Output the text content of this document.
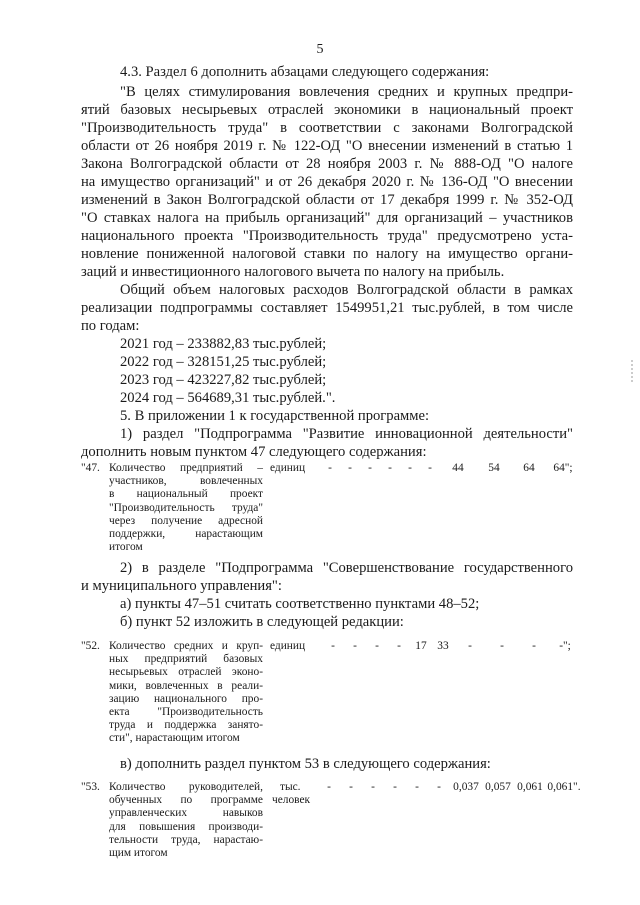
5
4.3. Раздел 6 дополнить абзацами следующего содержания:
"В целях стимулирования вовлечения средних и крупных предпри-
ятий базовых несырьевых отраслей экономики в национальный проект
"Производительность труда" в соответствии с законами Волгоградской
области от 26 ноября 2019 г. № 122-ОД "О внесении изменений в статью 1
Закона Волгоградской области от 28 ноября 2003 г. № 888-ОД "О налоге
на имущество организаций" и от 26 декабря 2020 г. № 136-ОД "О внесении
изменений в Закон Волгоградской области от 17 декабря 1999 г. № 352-ОД
"О ставках налога на прибыль организаций" для организаций – участников
национального проекта "Производительность труда" предусмотрено уста-
новление пониженной налоговой ставки по налогу на имущество органи-
заций и инвестиционного налогового вычета по налогу на прибыль.
Общий объем налоговых расходов Волгоградской области в рамках
реализации подпрограммы составляет 1549951,21 тыс.рублей, в том числе
по годам:
2021 год – 233882,83 тыс.рублей;
2022 год – 328151,25 тыс.рублей;
2023 год – 423227,82 тыс.рублей;
2024 год – 564689,31 тыс.рублей.".
5. В приложении 1 к государственной программе:
1) раздел "Подпрограмма "Развитие инновационной деятельности"
дополнить новым пунктом 47 следующего содержания:
"47. Количество предприятий –
участников, вовлеченных
в национальный проект
"Производительность труда"
через получение адресной
поддержки, нарастающим
итогом
единиц	-	-	-	-	-	-	44	54	64	64";
2) в разделе "Подпрограмма "Совершенствование государственного
и муниципального управления":
а) пункты 47–51 считать соответственно пунктами 48–52;
б) пункт 52 изложить в следующей редакции:
"52. Количество средних и круп-
ных предприятий базовых
несырьевых отраслей эконо-
мики, вовлеченных в реали-
зацию национального про-
екта "Производительность
труда и поддержка занято-
сти", нарастающим итогом
единиц	-	-	-	-	17 33	-	-	-	-";
в) дополнить раздел пунктом 53 в следующего содержания:
"53. Количество руководителей,
обученных по программе
управленческих навыков
для повышения производи-
тельности труда, нарастаю-
щим итогом
тыс.
человек
-	-	-	-	-	-	0,037 0,057 0,061 0,061".
